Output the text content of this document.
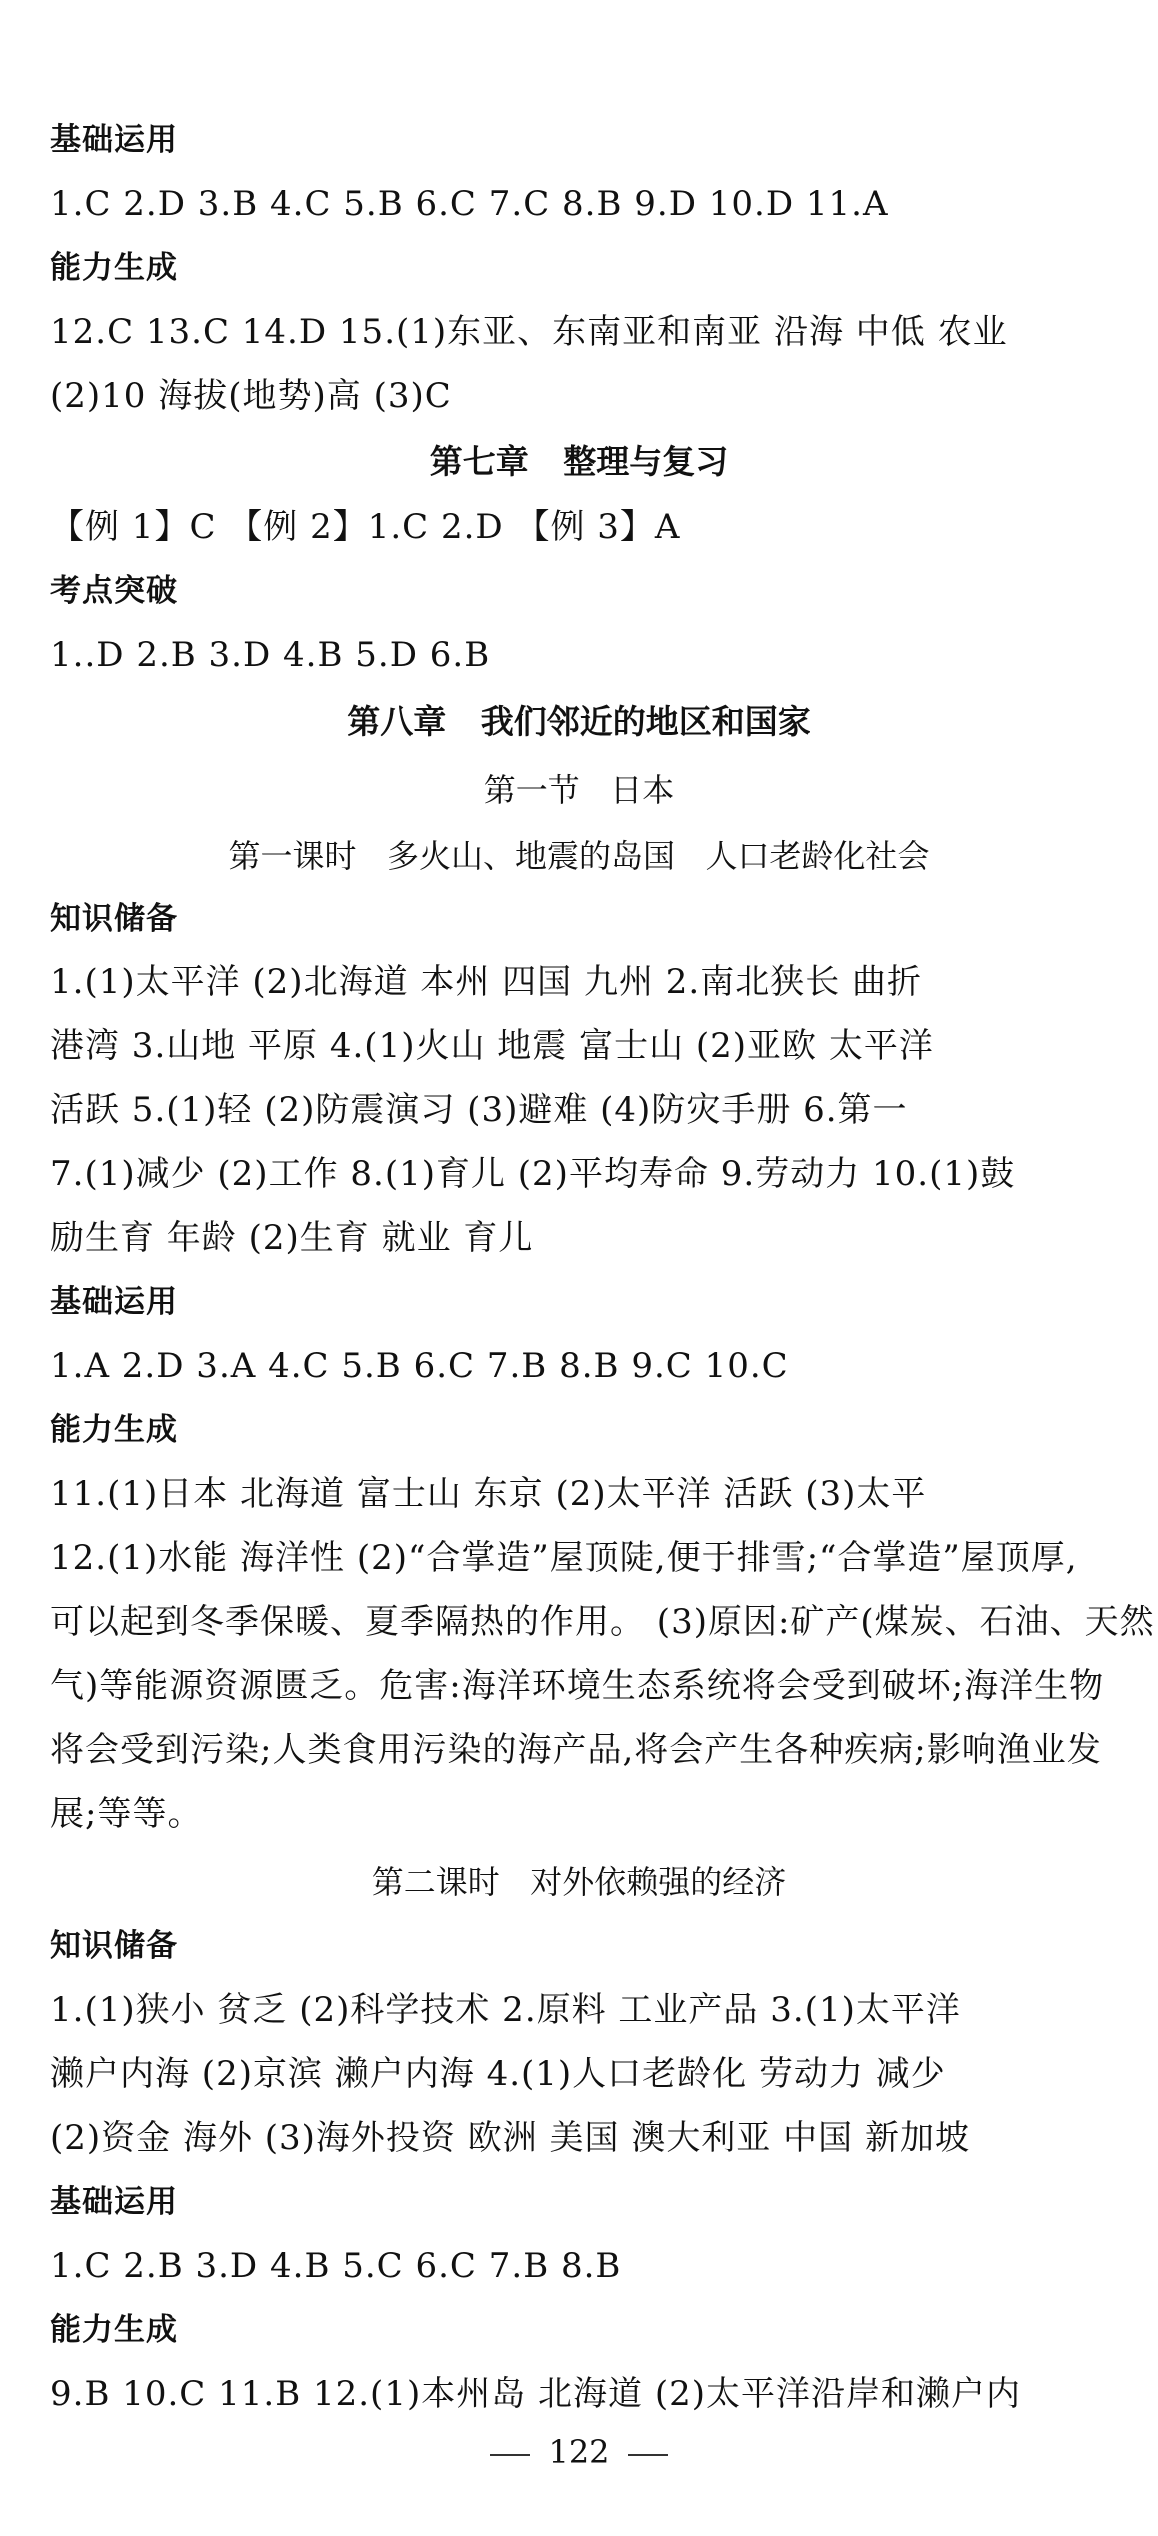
基础运用
1.C 2.D 3.B 4.C 5.B 6.C 7.C 8.B 9.D 10.D 11.A
能力生成
12.C 13.C 14.D 15.(1)东亚、东南亚和南亚 沿海 中低 农业
(2)10 海拔(地势)高 (3)C
第七章   整理与复习
【例 1】C 【例 2】1.C 2.D 【例 3】A
考点突破
1..D 2.B 3.D 4.B 5.D 6.B
第八章   我们邻近的地区和国家
第一节   日本
第一课时   多火山、地震的岛国   人口老龄化社会
知识储备
1.(1)太平洋 (2)北海道 本州 四国 九州 2.南北狭长 曲折
港湾 3.山地 平原 4.(1)火山 地震 富士山 (2)亚欧 太平洋
活跃 5.(1)轻 (2)防震演习 (3)避难 (4)防灾手册 6.第一
7.(1)减少 (2)工作 8.(1)育儿 (2)平均寿命 9.劳动力 10.(1)鼓
励生育 年龄 (2)生育 就业 育儿
基础运用
1.A 2.D 3.A 4.C 5.B 6.C 7.B 8.B 9.C 10.C
能力生成
11.(1)日本 北海道 富士山 东京 (2)太平洋 活跃 (3)太平
12.(1)水能 海洋性 (2)“合掌造”屋顶陡,便于排雪;“合掌造”屋顶厚,
可以起到冬季保暖、夏季隔热的作用。 (3)原因:矿产(煤炭、石油、天然
气)等能源资源匮乏。危害:海洋环境生态系统将会受到破坏;海洋生物
将会受到污染;人类食用污染的海产品,将会产生各种疾病;影响渔业发
展;等等。
第二课时   对外依赖强的经济
知识储备
1.(1)狭小 贫乏 (2)科学技术 2.原料 工业产品 3.(1)太平洋
濑户内海 (2)京滨 濑户内海 4.(1)人口老龄化 劳动力 减少
(2)资金 海外 (3)海外投资 欧洲 美国 澳大利亚 中国 新加坡
基础运用
1.C 2.B 3.D 4.B 5.C 6.C 7.B 8.B
能力生成
9.B 10.C 11.B 12.(1)本州岛 北海道 (2)太平洋沿岸和濑户内
122
